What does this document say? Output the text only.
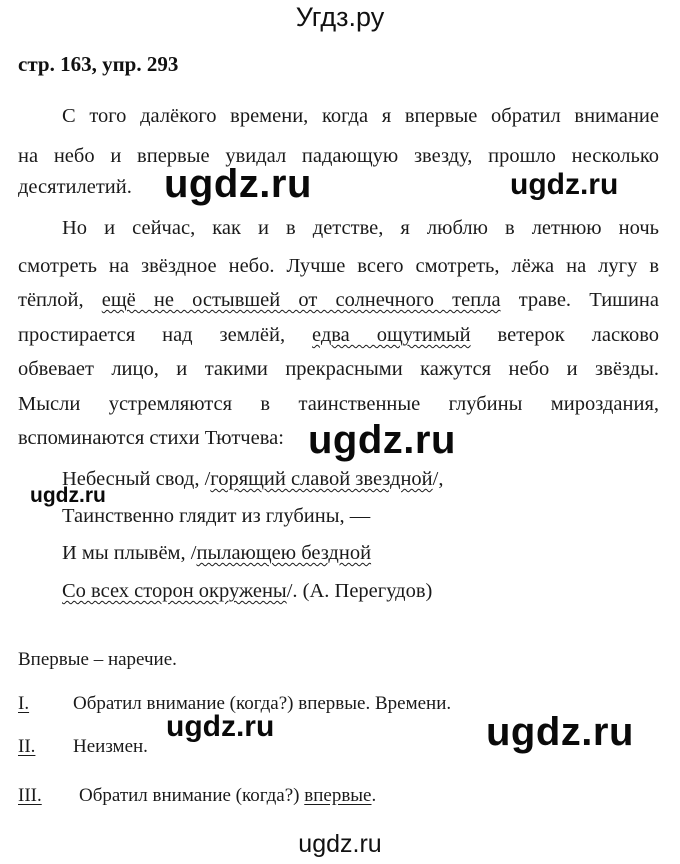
Угдз.ру
стр. 163, упр. 293
С того далёкого времени, когда я впервые обратил внимание
на небо и впервые увидал падающую звезду, прошло несколько
десятилетий.
Но и сейчас, как и в детстве, я люблю в летнюю ночь
смотреть на звёздное небо. Лучше всего смотреть, лёжа на лугу в
тёплой, ещё не остывшей от солнечного тепла траве. Тишина
простирается над землёй, едва ощутимый ветерок ласково
обвевает лицо, и такими прекрасными кажутся небо и звёзды.
Мысли устремляются в таинственные глубины мироздания,
вспоминаются стихи Тютчева:
Небесный свод, /горящий славой звездной/,
Таинственно глядит из глубины, —
И мы плывём, /пылающею бездной
Со всех сторон окружены/. (А. Перегудов)
Впервые – наречие.
I. Обратил внимание (когда?) впервые. Времени.
II. Неизмен.
III. Обратил внимание (когда?) впервые.
ugdz.ru	ugdz.ru
ugdz.ru
ugdz.ru
ugdz.ru	ugdz.ru
ugdz.ru
